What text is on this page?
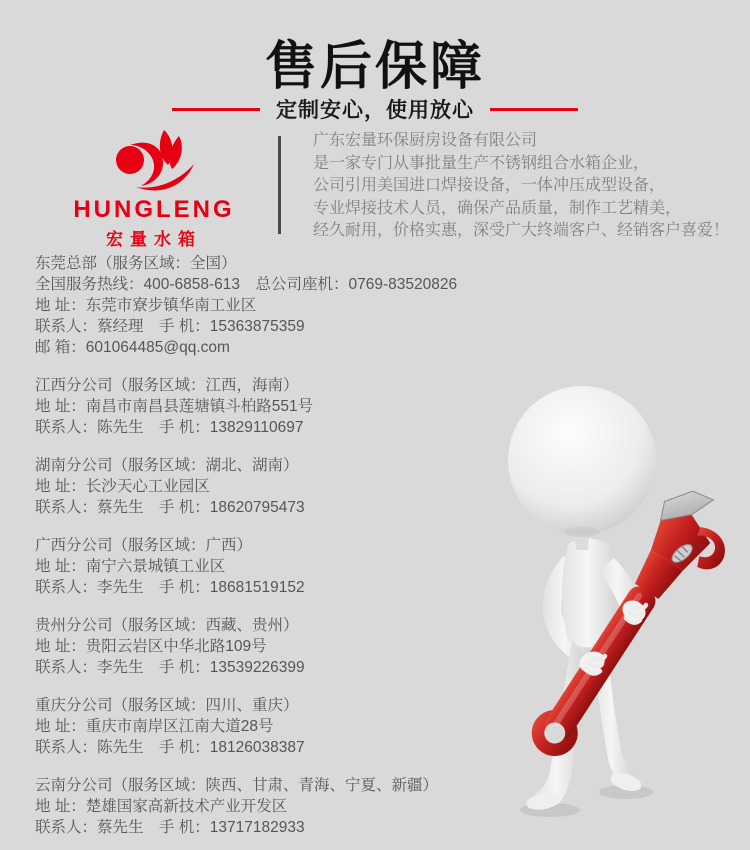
售后保障
定制安心，使用放心
HUNGLENG
宏量水箱
广东宏量环保厨房设备有限公司
是一家专门从事批量生产不锈钢组合水箱企业，
公司引用美国进口焊接设备，一体冲压成型设备，
专业焊接技术人员，确保产品质量，制作工艺精美，
经久耐用，价格实惠，深受广大终端客户、经销客户喜爱！
东莞总部（服务区域：全国）
全国服务热线：400-6858-613　总公司座机：0769-83520826
地 址：东莞市寮步镇华南工业区
联系人：蔡经理　手 机：15363875359
邮 箱：601064485@qq.com
江西分公司（服务区域：江西，海南）
地 址：南昌市南昌县莲塘镇斗柏路551号
联系人：陈先生　手 机：13829110697
湖南分公司（服务区域：湖北、湖南）
地 址：长沙天心工业园区
联系人：蔡先生　手 机：18620795473
广西分公司（服务区域：广西）
地 址：南宁六景城镇工业区
联系人：李先生　手 机：18681519152
贵州分公司（服务区域：西藏、贵州）
地 址：贵阳云岩区中华北路109号
联系人：李先生　手 机：13539226399
重庆分公司（服务区域：四川、重庆）
地 址：重庆市南岸区江南大道28号
联系人：陈先生　手 机：18126038387
云南分公司（服务区域：陕西、甘肃、青海、宁夏、新疆）
地 址：楚雄国家高新技术产业开发区
联系人：蔡先生　手 机：13717182933
